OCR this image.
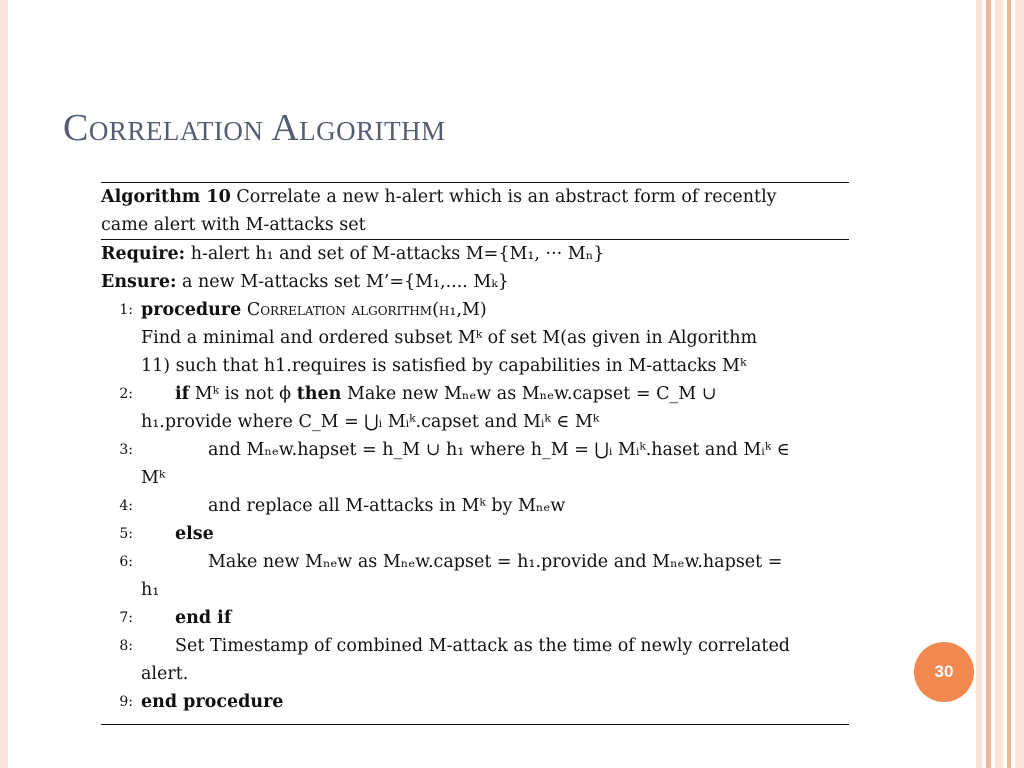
Correlation Algorithm
Algorithm 10 Correlate a new h-alert which is an abstract form of recently
came alert with M-attacks set
Require: h-alert h₁ and set of M-attacks M={M₁, ··· Mₙ}
Ensure: a new M-attacks set M’={M₁,.... Mₖ}
1: procedure Correlation algorithm(h₁,M)
Find a minimal and ordered subset Mᵏ of set M(as given in Algorithm
11) such that h1.requires is satisfied by capabilities in M-attacks Mᵏ
2:	if Mᵏ is not ϕ then Make new Mₙₑw as Mₙₑw.capset = C_M ∪
h₁.provide where C_M = ⋃ᵢ Mᵢᵏ.capset and Mᵢᵏ ∈ Mᵏ
3:	and Mₙₑw.hapset = h_M ∪ h₁ where h_M = ⋃ᵢ Mᵢᵏ.haset and Mᵢᵏ ∈
Mᵏ
4:	and replace all M-attacks in Mᵏ by Mₙₑw
5:	else
6:	Make new Mₙₑw as Mₙₑw.capset = h₁.provide and Mₙₑw.hapset =
h₁
7:	end if
8:	Set Timestamp of combined M-attack as the time of newly correlated
alert.
9: end procedure
30
